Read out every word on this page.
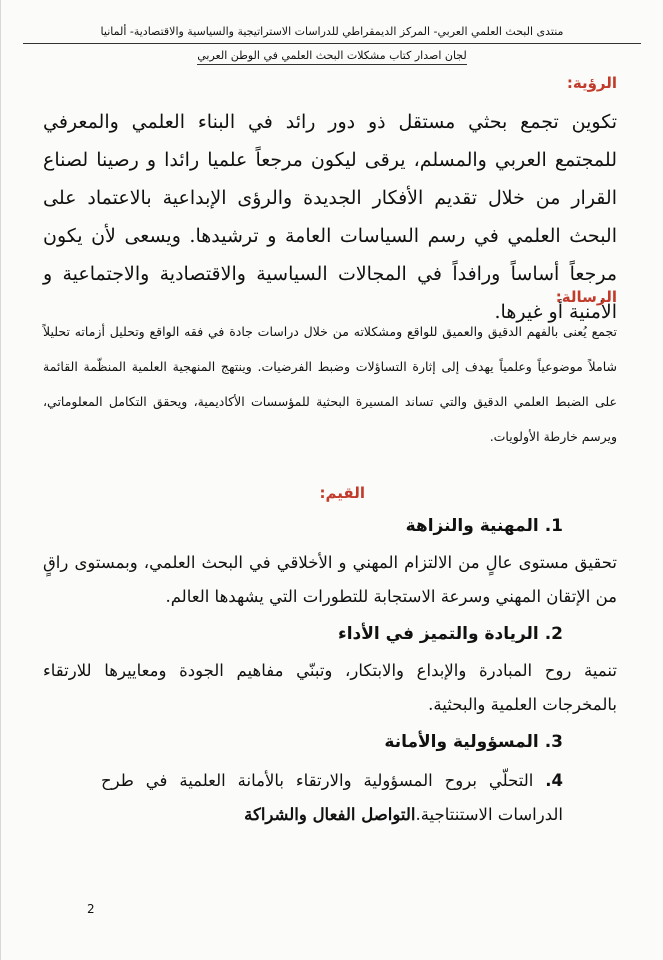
منتدى البحث العلمي العربي- المركز الديمقراطي للدراسات الاستراتيجية والسياسية والاقتصادية- ألمانيا
لجان اصدار كتاب مشكلات البحث العلمي في الوطن العربي
الرؤية:
تكوين تجمع بحثي مستقل ذو دور رائد في البناء العلمي والمعرفي للمجتمع العربي والمسلم، يرقى ليكون مرجعاً علميا رائدا و رصينا لصناع القرار من خلال تقديم الأفكار الجديدة والرؤى الإبداعية بالاعتماد على البحث العلمي في رسم السياسات العامة و ترشيدها. ويسعى لأن يكون مرجعاً أساساً ورافداً في المجالات السياسية والاقتصادية والاجتماعية و الأمنية أو غيرها.
الرسالة:
تجمع يُعنى بالفهم الدقيق والعميق للواقع ومشكلاته من خلال دراسات جادة في فقه الواقع وتحليل أزماته تحليلاً شاملاً موضوعياً وعلمياً يهدف إلى إثارة التساؤلات وضبط الفرضيات. وينتهج المنهجية العلمية المنظّمة القائمة على الضبط العلمي الدقيق والتي تساند المسيرة البحثية للمؤسسات الأكاديمية، ويحقق التكامل المعلوماتي، ويرسم خارطة الأولويات.
القيم:
1. المهنية والنزاهة
تحقيق مستوى عالٍ من الالتزام المهني و الأخلاقي في البحث العلمي، وبمستوى راقٍ من الإتقان المهني وسرعة الاستجابة للتطورات التي يشهدها العالم.
2. الريادة والتميز في الأداء
تنمية روح المبادرة والإبداع والابتكار، وتبنّي مفاهيم الجودة ومعاييرها للارتقاء بالمخرجات العلمية والبحثية.
3. المسؤولية والأمانة
4. التحلّي بروح المسؤولية والارتقاء بالأمانة العلمية في طرح الدراسات الاستنتاجية.التواصل الفعال والشراكة
2
